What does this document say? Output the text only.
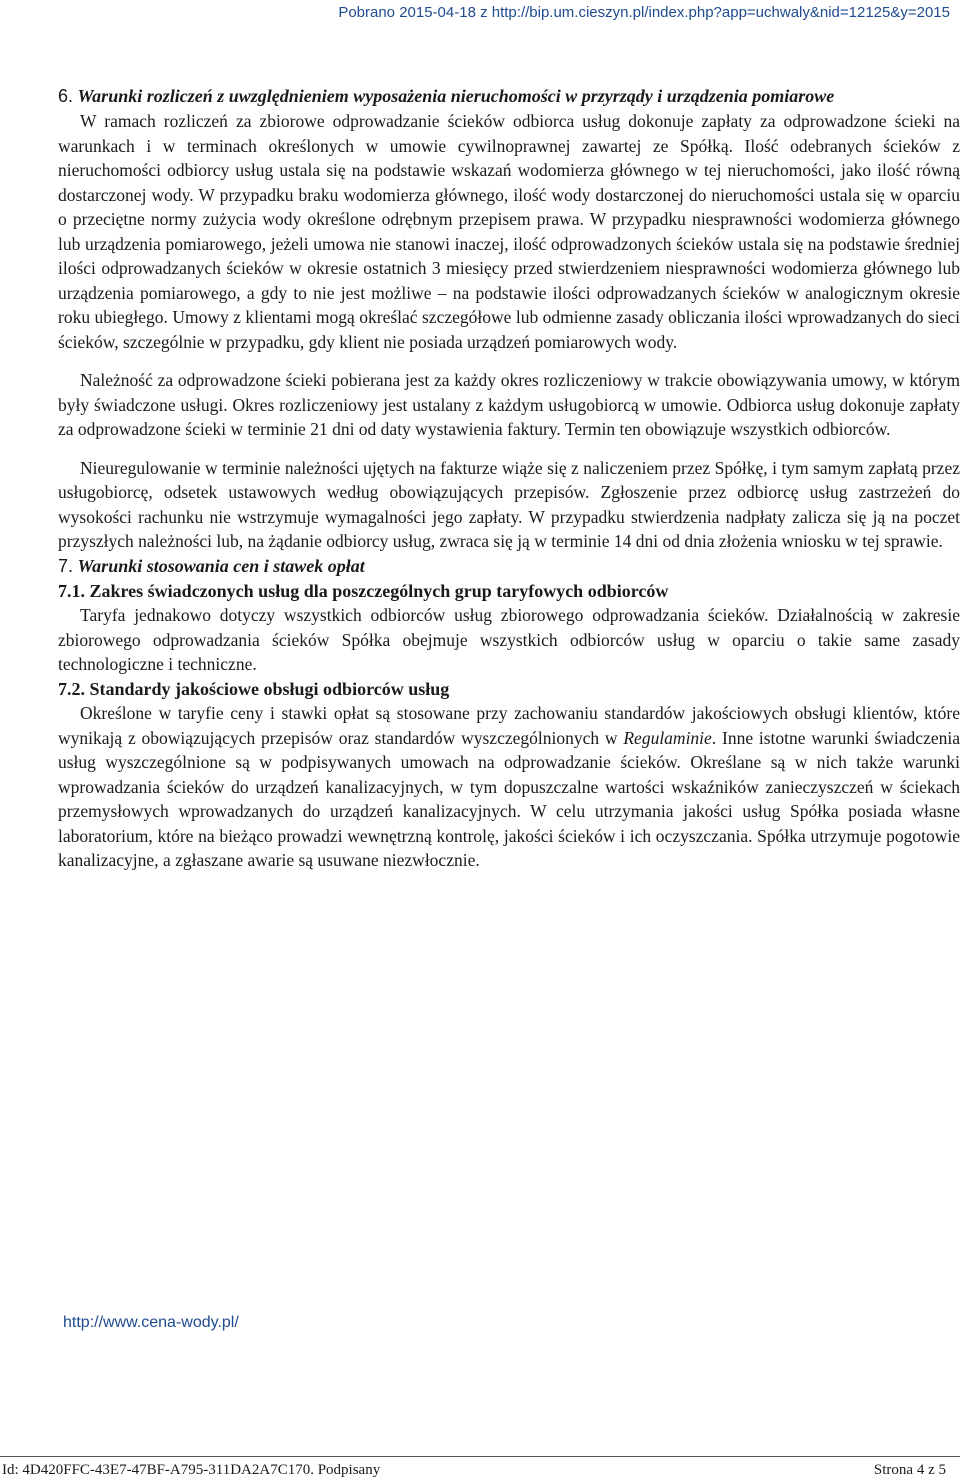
Pobrano 2015-04-18 z http://bip.um.cieszyn.pl/index.php?app=uchwaly&nid=12125&y=2015

6. Warunki rozliczeń z uwzględnieniem wyposażenia nieruchomości w przyrządy i urządzenia pomiarowe

W ramach rozliczeń za zbiorowe odprowadzanie ścieków odbiorca usług dokonuje zapłaty za odprowadzone ścieki na warunkach i w terminach określonych w umowie cywilnoprawnej zawartej ze Spółką. Ilość odebranych ścieków z nieruchomości odbiorcy usług ustala się na podstawie wskazań wodomierza głównego w tej nieruchomości, jako ilość równą dostarczonej wody. W przypadku braku wodomierza głównego, ilość wody dostarczonej do nieruchomości ustala się w oparciu o przeciętne normy zużycia wody określone odrębnym przepisem prawa. W przypadku niesprawności wodomierza głównego lub urządzenia pomiarowego, jeżeli umowa nie stanowi inaczej, ilość odprowadzonych ścieków ustala się na podstawie średniej ilości odprowadzanych ścieków w okresie ostatnich 3 miesięcy przed stwierdzeniem niesprawności wodomierza głównego lub urządzenia pomiarowego, a gdy to nie jest możliwe – na podstawie ilości odprowadzanych ścieków w analogicznym okresie roku ubiegłego. Umowy z klientami mogą określać szczegółowe lub odmienne zasady obliczania ilości wprowadzanych do sieci ścieków, szczególnie w przypadku, gdy klient nie posiada urządzeń pomiarowych wody.

Należność za odprowadzone ścieki pobierana jest za każdy okres rozliczeniowy w trakcie obowiązywania umowy, w którym były świadczone usługi. Okres rozliczeniowy jest ustalany z każdym usługobiorcą w umowie. Odbiorca usług dokonuje zapłaty za odprowadzone ścieki w terminie 21 dni od daty wystawienia faktury. Termin ten obowiązuje wszystkich odbiorców.

Nieuregulowanie w terminie należności ujętych na fakturze wiąże się z naliczeniem przez Spółkę, i tym samym zapłatą przez usługobiorcę, odsetek ustawowych według obowiązujących przepisów. Zgłoszenie przez odbiorcę usług zastrzeżeń do wysokości rachunku nie wstrzymuje wymagalności jego zapłaty. W przypadku stwierdzenia nadpłaty zalicza się ją na poczet przyszłych należności lub, na żądanie odbiorcy usług, zwraca się ją w terminie 14 dni od dnia złożenia wniosku w tej sprawie.

7. Warunki stosowania cen i stawek opłat

7.1. Zakres świadczonych usług dla poszczególnych grup taryfowych odbiorców

Taryfa jednakowo dotyczy wszystkich odbiorców usług zbiorowego odprowadzania ścieków. Działalnością w zakresie zbiorowego odprowadzania ścieków Spółka obejmuje wszystkich odbiorców usług w oparciu o takie same zasady technologiczne i techniczne.

7.2. Standardy jakościowe obsługi odbiorców usług

Określone w taryfie ceny i stawki opłat są stosowane przy zachowaniu standardów jakościowych obsługi klientów, które wynikają z obowiązujących przepisów oraz standardów wyszczególnionych w Regulaminie. Inne istotne warunki świadczenia usług wyszczególnione są w podpisywanych umowach na odprowadzanie ścieków. Określane są w nich także warunki wprowadzania ścieków do urządzeń kanalizacyjnych, w tym dopuszczalne wartości wskaźników zanieczyszczeń w ściekach przemysłowych wprowadzanych do urządzeń kanalizacyjnych. W celu utrzymania jakości usług Spółka posiada własne laboratorium, które na bieżąco prowadzi wewnętrzną kontrolę, jakości ścieków i ich oczyszczania. Spółka utrzymuje pogotowie kanalizacyjne, a zgłaszane awarie są usuwane niezwłocznie.

http://www.cena-wody.pl/
Id: 4D420FFC-43E7-47BF-A795-311DA2A7C170. Podpisany	Strona 4 z 5
